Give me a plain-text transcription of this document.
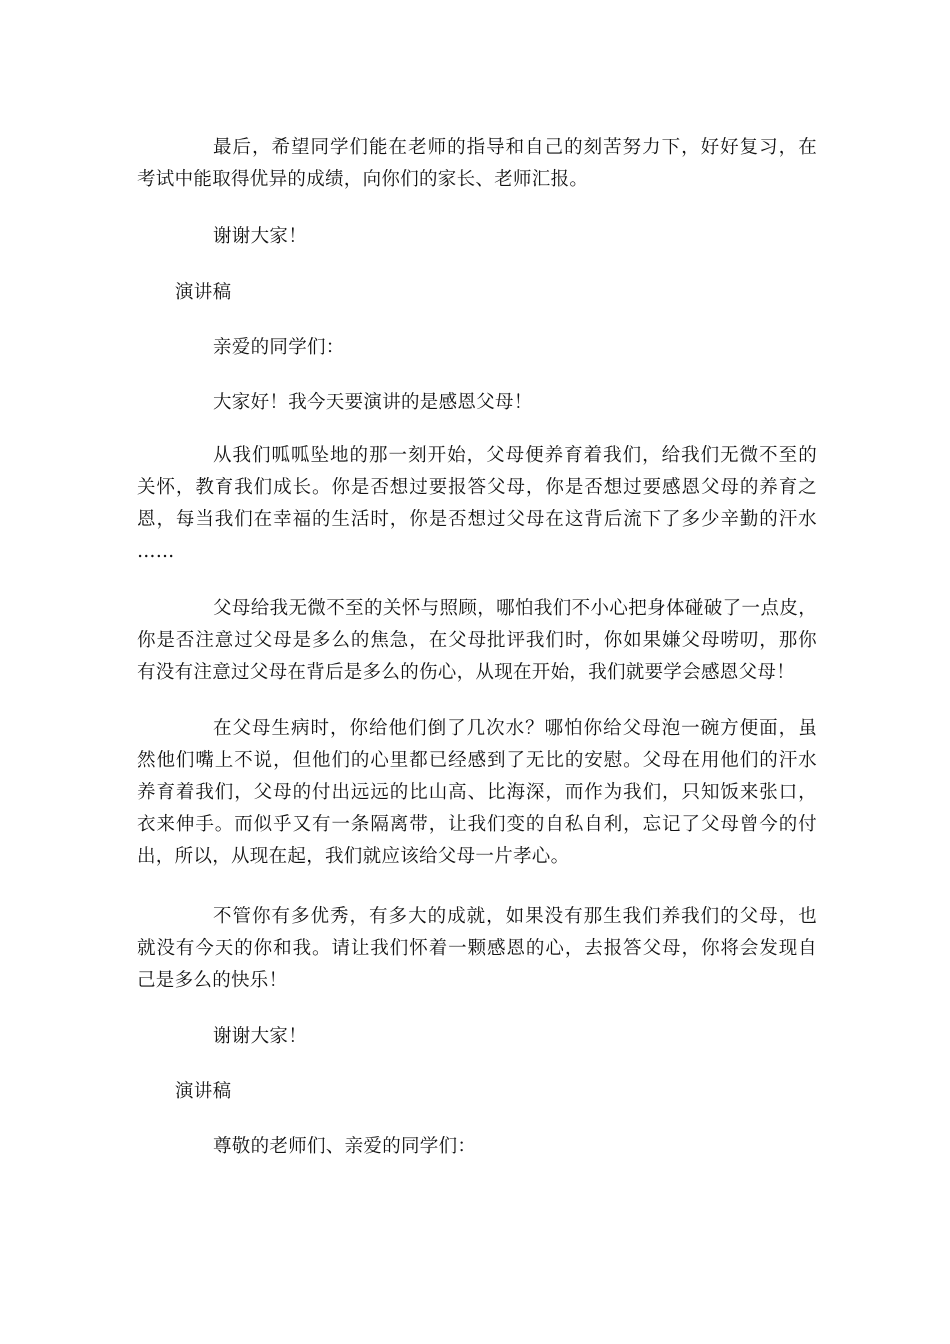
最后，希望同学们能在老师的指导和自己的刻苦努力下，好好复习，在
考试中能取得优异的成绩，向你们的家长、老师汇报。
谢谢大家！
演讲稿
亲爱的同学们：
大家好！我今天要演讲的是感恩父母！
从我们呱呱坠地的那一刻开始，父母便养育着我们，给我们无微不至的
关怀，教育我们成长。你是否想过要报答父母，你是否想过要感恩父母的养育之
恩，每当我们在幸福的生活时，你是否想过父母在这背后流下了多少辛勤的汗水
……
父母给我无微不至的关怀与照顾，哪怕我们不小心把身体碰破了一点皮，
你是否注意过父母是多么的焦急，在父母批评我们时，你如果嫌父母唠叨，那你
有没有注意过父母在背后是多么的伤心，从现在开始，我们就要学会感恩父母！
在父母生病时，你给他们倒了几次水？哪怕你给父母泡一碗方便面，虽
然他们嘴上不说，但他们的心里都已经感到了无比的安慰。父母在用他们的汗水
养育着我们，父母的付出远远的比山高、比海深，而作为我们，只知饭来张口，
衣来伸手。而似乎又有一条隔离带，让我们变的自私自利，忘记了父母曾今的付
出，所以，从现在起，我们就应该给父母一片孝心。
不管你有多优秀，有多大的成就，如果没有那生我们养我们的父母，也
就没有今天的你和我。请让我们怀着一颗感恩的心，去报答父母，你将会发现自
己是多么的快乐！
谢谢大家！
演讲稿
尊敬的老师们、亲爱的同学们：
